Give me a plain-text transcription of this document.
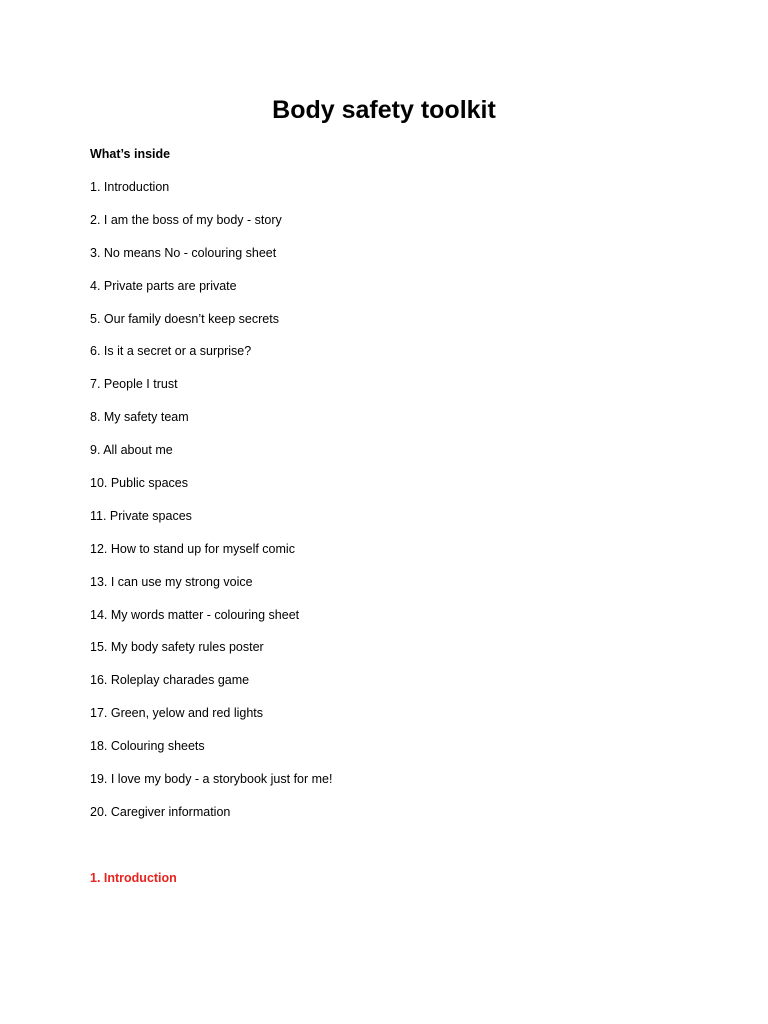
Body safety toolkit
What’s inside
1. Introduction
2. I am the boss of my body - story
3. No means No - colouring sheet
4. Private parts are private
5. Our family doesn’t keep secrets
6. Is it a secret or a surprise?
7. People I trust
8. My safety team
9. All about me
10. Public spaces
11. Private spaces
12. How to stand up for myself comic
13. I can use my strong voice
14. My words matter - colouring sheet
15. My body safety rules poster
16. Roleplay charades game
17. Green, yelow and red lights
18. Colouring sheets
19. I love my body - a storybook just for me!
20. Caregiver information
1. Introduction
